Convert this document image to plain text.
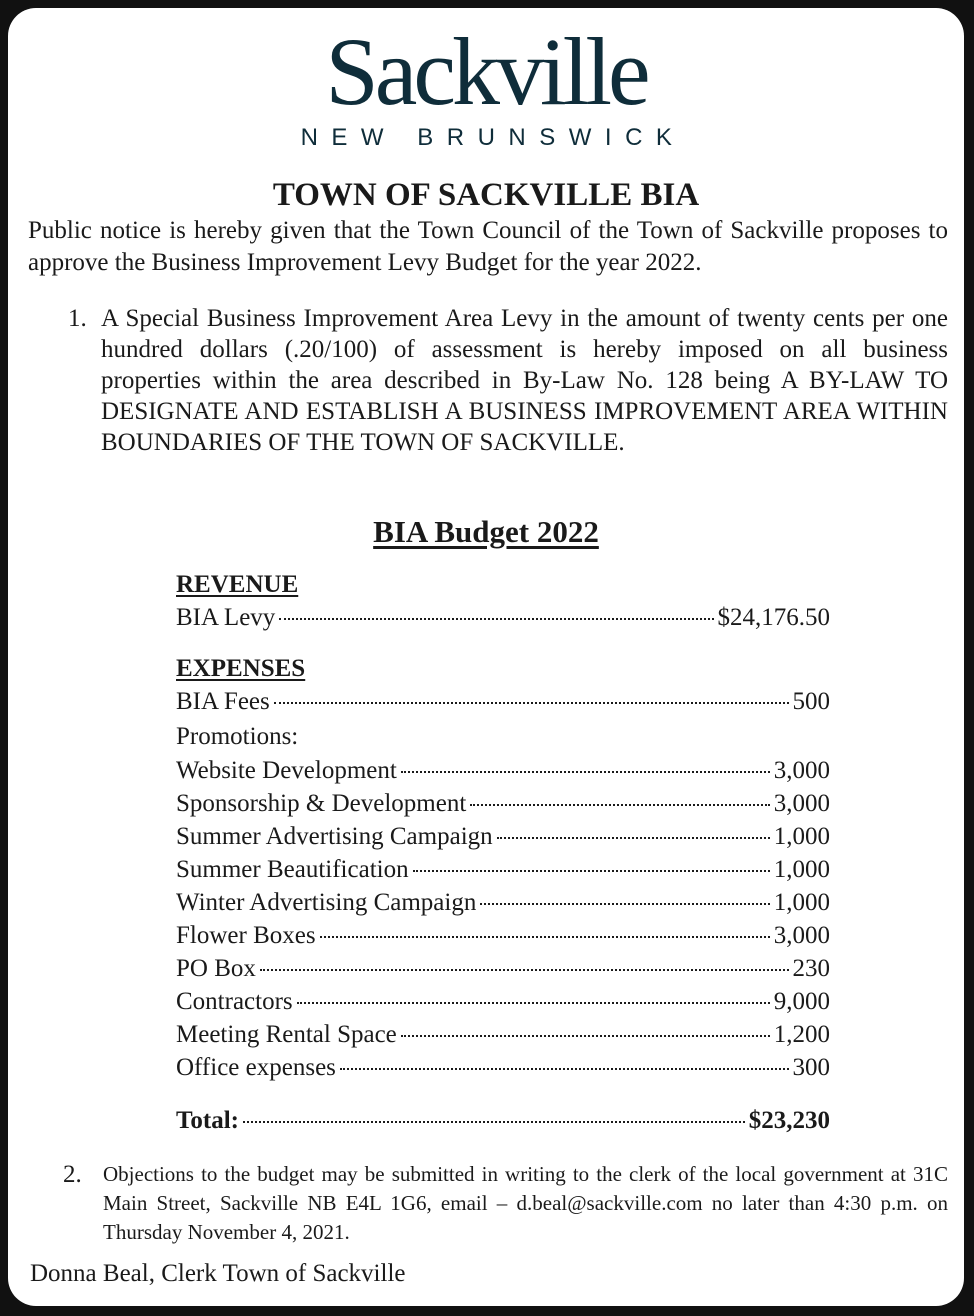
Sackville
NEW BRUNSWICK
TOWN OF SACKVILLE BIA
Public notice is hereby given that the Town Council of the Town of Sackville proposes to approve the Business Improvement Levy Budget for the year 2022.
1. A Special Business Improvement Area Levy in the amount of twenty cents per one hundred dollars (.20/100) of assessment is hereby imposed on all business properties within the area described in By-Law No. 128 being A BY-LAW TO DESIGNATE AND ESTABLISH A BUSINESS IMPROVEMENT AREA WITHIN BOUNDARIES OF THE TOWN OF SACKVILLE.
BIA Budget 2022
REVENUE
BIA Levy	$24,176.50
EXPENSES
BIA Fees	500
Promotions:
Website Development	3,000
Sponsorship & Development	3,000
Summer Advertising Campaign	1,000
Summer Beautification	1,000
Winter Advertising Campaign	1,000
Flower Boxes	3,000
PO Box	230
Contractors	9,000
Meeting Rental Space	1,200
Office expenses	300
Total:	$23,230
2. Objections to the budget may be submitted in writing to the clerk of the local government at 31C Main Street, Sackville NB E4L 1G6, email – d.beal@sackville.com no later than 4:30 p.m. on Thursday November 4, 2021.
Donna Beal, Clerk Town of Sackville
